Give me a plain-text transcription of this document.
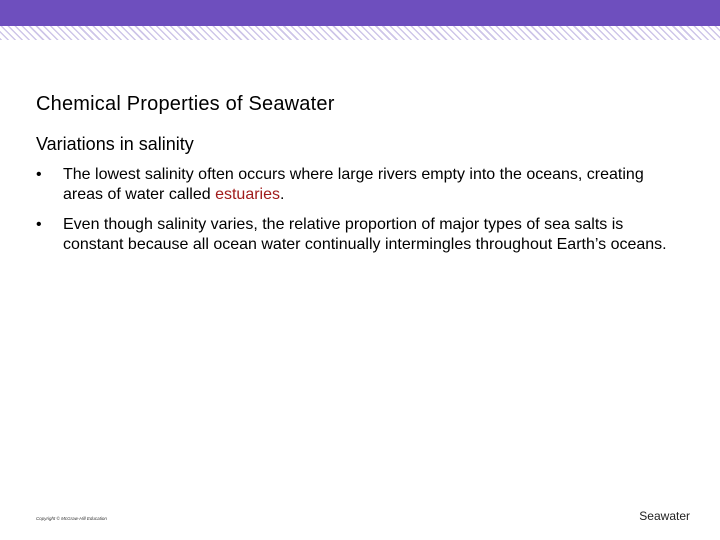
Chemical Properties of Seawater
Variations in salinity
• The lowest salinity often occurs where large rivers empty into the oceans, creating areas of water called estuaries.
• Even though salinity varies, the relative proportion of major types of sea salts is constant because all ocean water continually intermingles throughout Earth’s oceans.
Copyright © McGraw-Hill Education	Seawater
